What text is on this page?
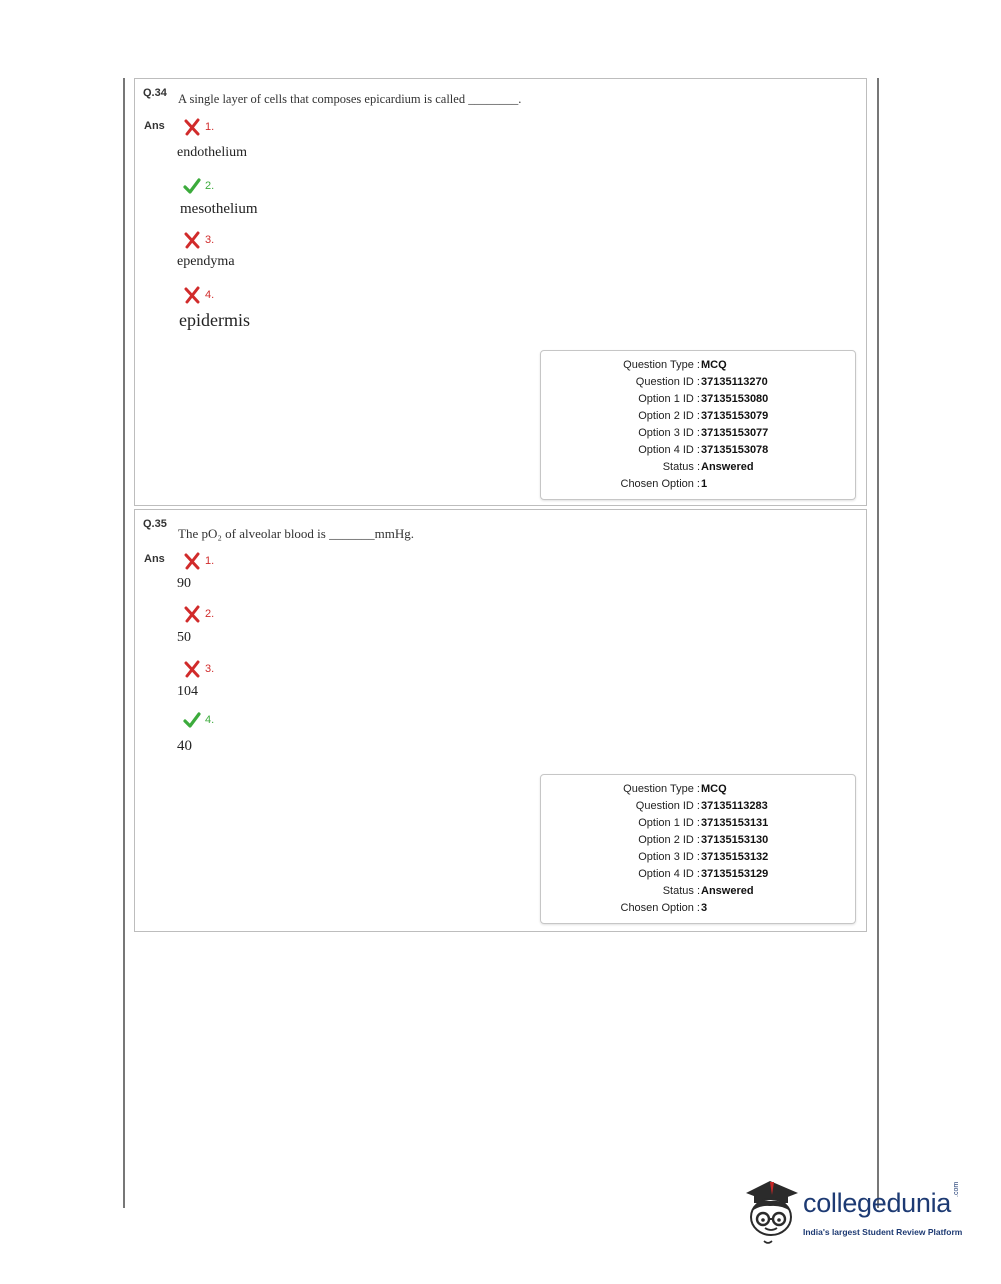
Q.34 A single layer of cells that composes epicardium is called ________.
Ans	1.
endothelium
2.
mesothelium
3.
ependyma
4.
epidermis
Question Type : MCQ
Question ID : 37135113270
Option 1 ID : 37135153080
Option 2 ID : 37135153079
Option 3 ID : 37135153077
Option 4 ID : 37135153078
Status : Answered
Chosen Option : 1
Q.35
The pO₂ of alveolar blood is _______mmHg.
Ans	1.
90
2.
50
3.
104
4.
40
Question Type : MCQ
Question ID : 37135113283
Option 1 ID : 37135153131
Option 2 ID : 37135153130
Option 3 ID : 37135153132
Option 4 ID : 37135153129
Status : Answered
Chosen Option : 3
collegedunia .com
India's largest Student Review Platform
